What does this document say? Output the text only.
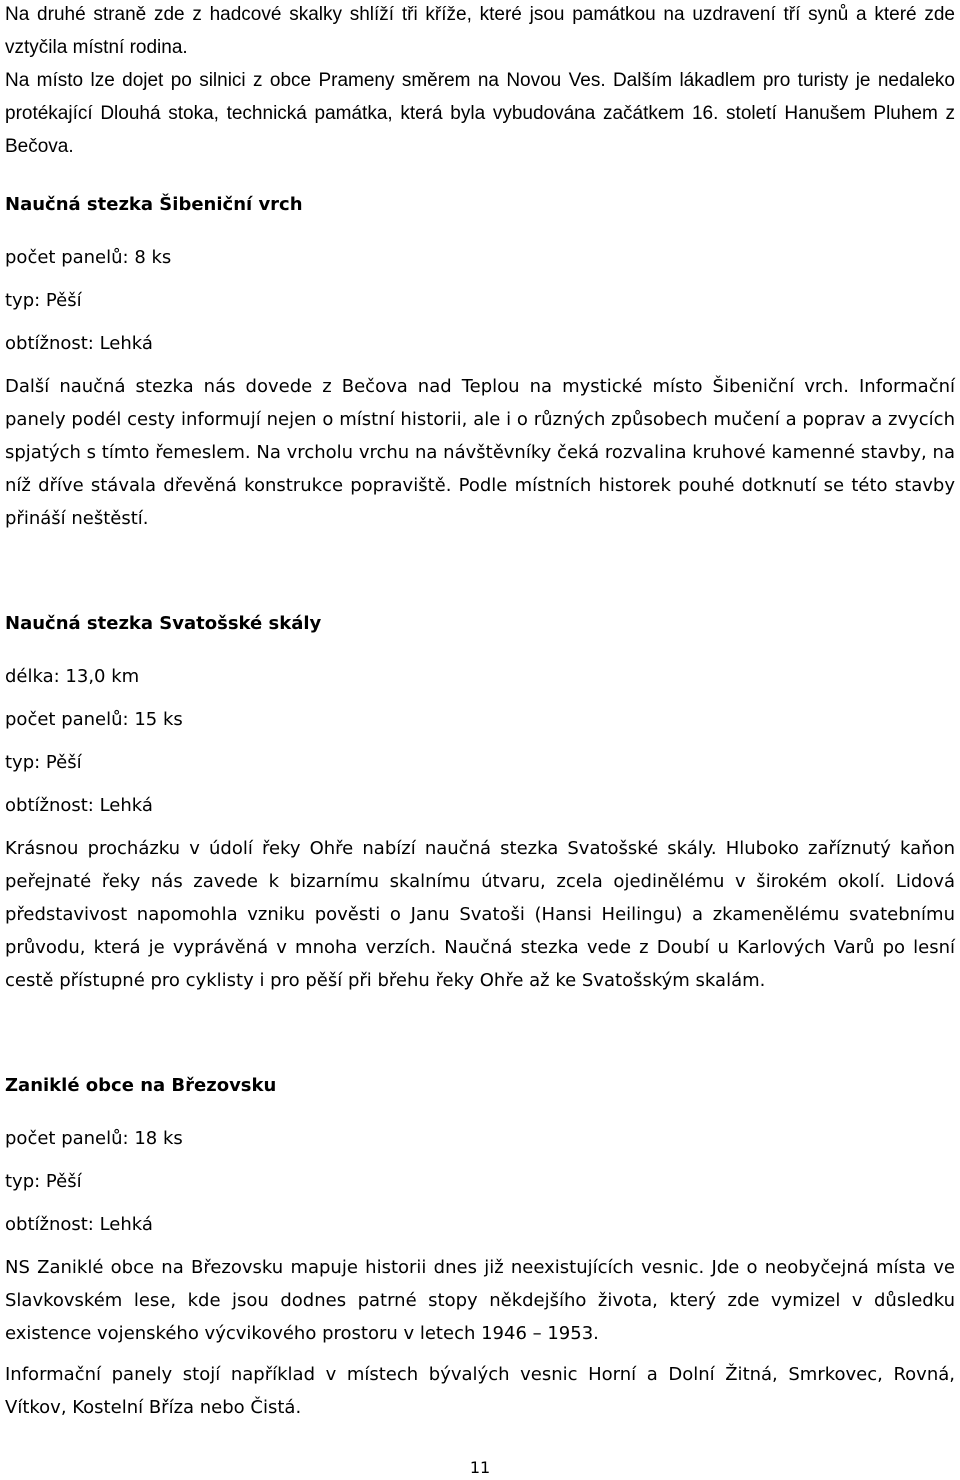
Na druhé straně zde z hadcové skalky shlíží tři kříže, které jsou památkou na uzdravení tří synů a které zde vztyčila místní rodina.

Na místo lze dojet po silnici z obce Prameny směrem na Novou Ves. Dalším lákadlem pro turisty je nedaleko protékající Dlouhá stoka, technická památka, která byla vybudována začátkem 16. století Hanušem Pluhem z Bečova.

Naučná stezka Šibeniční vrch

počet panelů: 8 ks

typ: Pěší

obtížnost: Lehká

Další naučná stezka nás dovede z Bečova nad Teplou na mystické místo Šibeniční vrch. Informační panely podél cesty informují nejen o místní historii, ale i o různých způsobech mučení a poprav a zvycích spjatých s tímto řemeslem. Na vrcholu vrchu na návštěvníky čeká rozvalina kruhové kamenné stavby, na níž dříve stávala dřevěná konstrukce popraviště. Podle místních historek pouhé dotknutí se této stavby přináší neštěstí.

Naučná stezka Svatošské skály

délka: 13,0 km

počet panelů: 15 ks

typ: Pěší

obtížnost: Lehká

Krásnou procházku v údolí řeky Ohře nabízí naučná stezka Svatošské skály. Hluboko zaříznutý kaňon peřejnaté řeky nás zavede k bizarnímu skalnímu útvaru, zcela ojedinělému v širokém okolí. Lidová představivost napomohla vzniku pověsti o Janu Svatoši (Hansi Heilingu) a zkamenělému svatebnímu průvodu, která je vyprávěná v mnoha verzích. Naučná stezka vede z Doubí u Karlových Varů po lesní cestě přístupné pro cyklisty i pro pěší při břehu řeky Ohře až ke Svatošským skalám.

Zaniklé obce na Březovsku

počet panelů: 18 ks

typ: Pěší

obtížnost: Lehká

NS Zaniklé obce na Březovsku mapuje historii dnes již neexistujících vesnic. Jde o neobyčejná místa ve Slavkovském lese, kde jsou dodnes patrné stopy někdejšího života, který zde vymizel v důsledku existence vojenského výcvikového prostoru v letech 1946 – 1953.

Informační panely stojí například v místech bývalých vesnic Horní a Dolní Žitná, Smrkovec, Rovná, Vítkov, Kostelní Bříza nebo Čistá.

11
